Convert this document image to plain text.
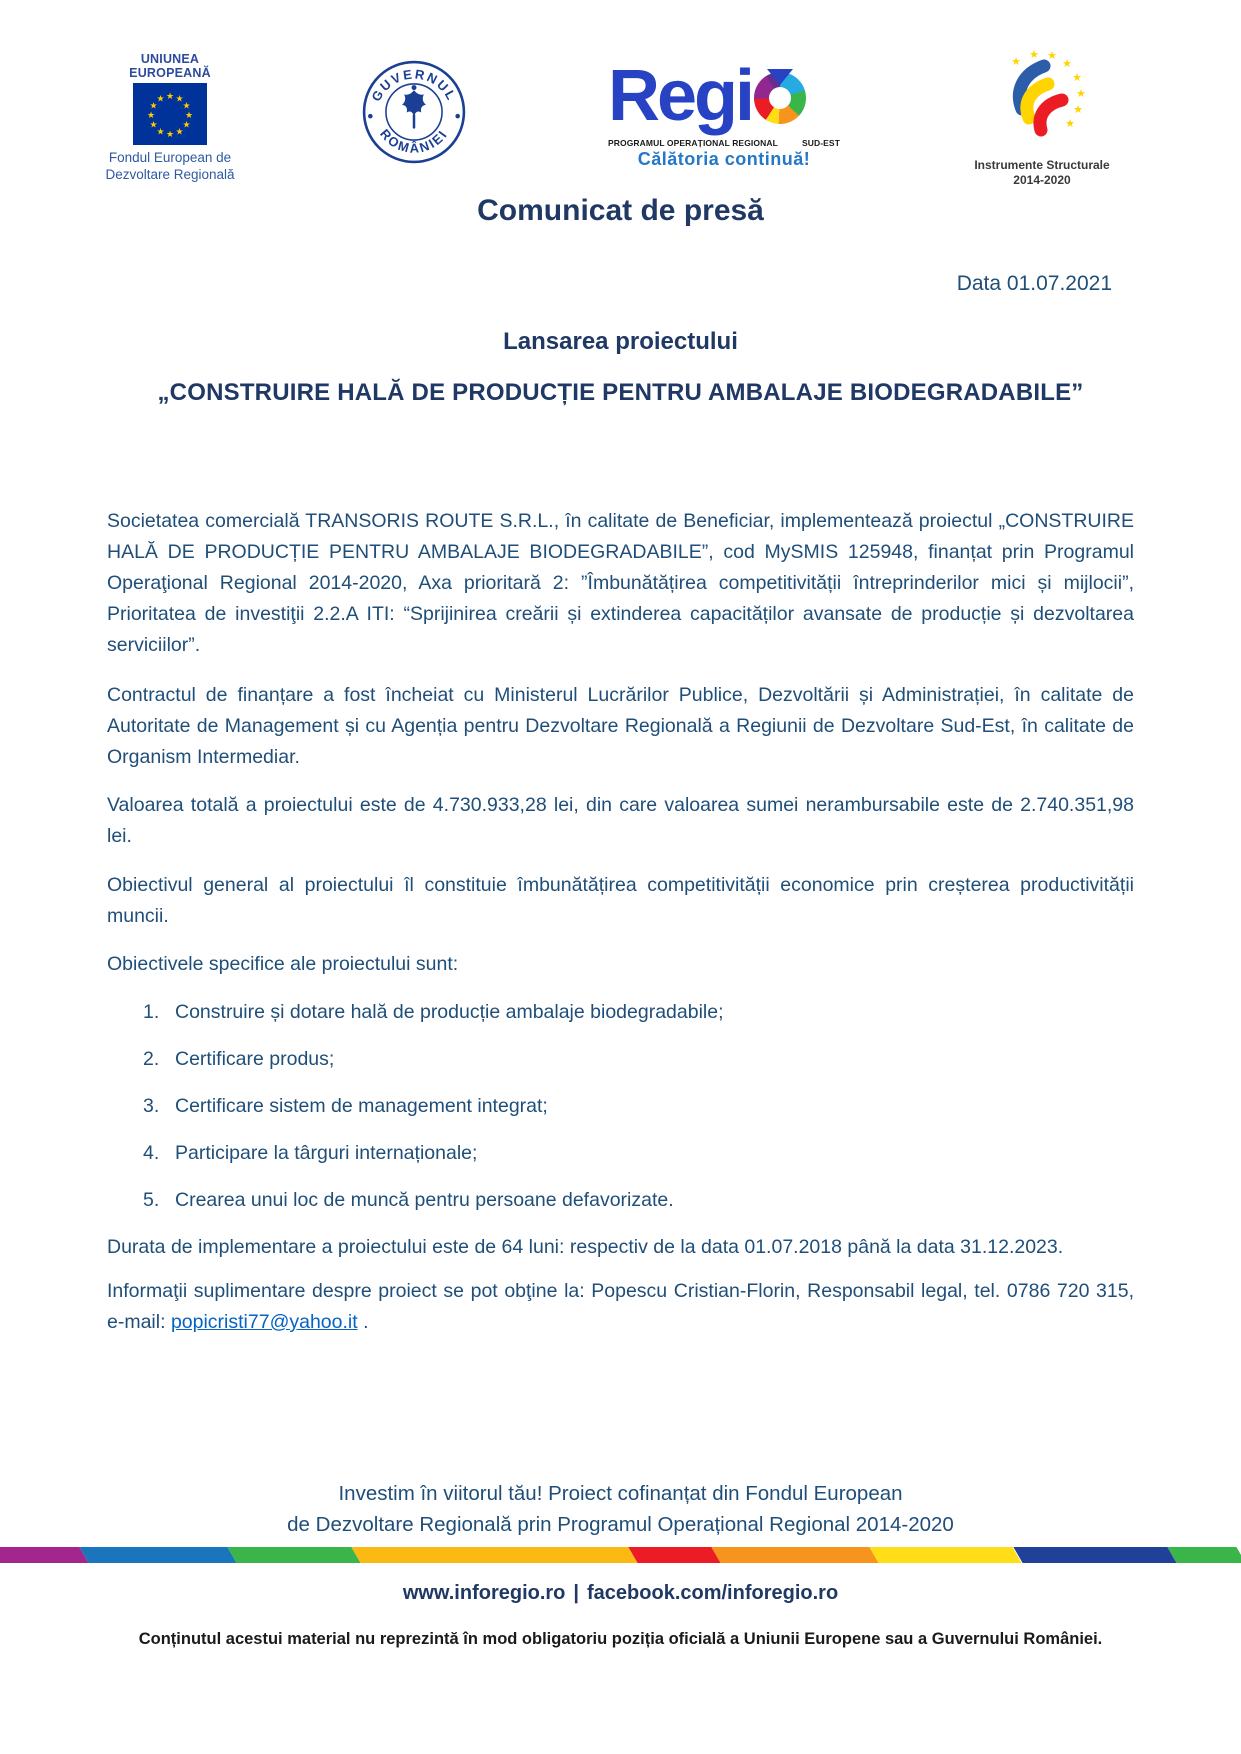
UNIUNEA EUROPEANĂ
★ ★
★
★
★
★
★
★
★
★
★
★
Fondul European de
Dezvoltare Regională
GUVERNUL
ROMÂNIEI Regi
PROGRAMUL OPERAȚIONAL REGIONAL	SUD-EST
Călătoria continuă!
★
★ ★
★
★
★
★
★
Instrumente Structurale
2014-2020
Comunicat de presă
Data 01.07.2021
Lansarea proiectului
„CONSTRUIRE HALĂ DE PRODUCȚIE PENTRU AMBALAJE BIODEGRADABILE”

Societatea comercială TRANSORIS ROUTE S.R.L., în calitate de Beneficiar, implementează proiectul „CONSTRUIRE HALĂ DE PRODUCȚIE PENTRU AMBALAJE BIODEGRADABILE”, cod MySMIS 125948, finanțat prin Programul Operaţional Regional 2014-2020, Axa prioritară 2: ”Îmbunătățirea competitivității întreprinderilor mici și mijlocii”, Prioritatea de investiţii 2.2.A ITI: “Sprijinirea creării și extinderea capacităților avansate de producție și dezvoltarea serviciilor”.

Contractul de finanțare a fost încheiat cu Ministerul Lucrărilor Publice, Dezvoltării și Administrației, în calitate de Autoritate de Management și cu Agenția pentru Dezvoltare Regională a Regiunii de Dezvoltare Sud-Est, în calitate de Organism Intermediar.

Valoarea totală a proiectului este de 4.730.933,28 lei, din care valoarea sumei nerambursabile este de 2.740.351,98 lei.

Obiectivul general al proiectului îl constituie îmbunătățirea competitivității economice prin creșterea productivității muncii.

Obiectivele specifice ale proiectului sunt:

1. Construire și dotare hală de producție ambalaje biodegradabile;
2. Certificare produs;
3. Certificare sistem de management integrat;
4. Participare la târguri internaționale;
5. Crearea unui loc de muncă pentru persoane defavorizate.

Durata de implementare a proiectului este de 64 luni: respectiv de la data 01.07.2018 până la data 31.12.2023.

Informaţii suplimentare despre proiect se pot obţine la: Popescu Cristian-Florin, Responsabil legal, tel. 0786 720 315, e-mail: popicristi77@yahoo.it .

Investim în viitorul tău! Proiect cofinanțat din Fondul European
de Dezvoltare Regională prin Programul Operațional Regional 2014-2020
www.inforegio.ro | facebook.com/inforegio.ro
Conținutul acestui material nu reprezintă în mod obligatoriu poziția oficială a Uniunii Europene sau a Guvernului României.
